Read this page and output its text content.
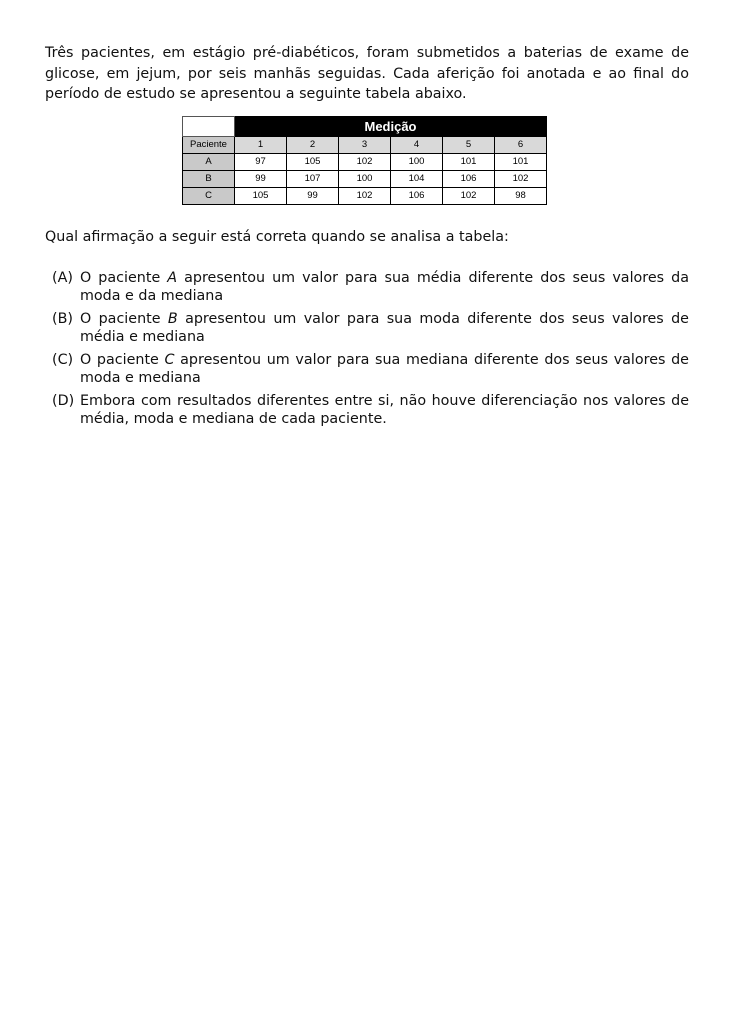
Três pacientes, em estágio pré-diabéticos, foram submetidos a baterias de exame de glicose, em jejum, por seis manhãs seguidas. Cada aferição foi anotada e ao final do período de estudo se apresentou a seguinte tabela abaixo.

	Medição					
Paciente	1	2	3	4	5	6
A	97	105	102	100	101	101
B	99	107	100	104	106	102
C	105	99	102	106	102	98

Qual afirmação a seguir está correta quando se analisa a tabela:

(A) O paciente A apresentou um valor para sua média diferente dos seus valores da moda e da mediana
(B) O paciente B apresentou um valor para sua moda diferente dos seus valores de média e mediana
(C) O paciente C apresentou um valor para sua mediana diferente dos seus valores de moda e mediana
(D) Embora com resultados diferentes entre si, não houve diferenciação nos valores de média, moda e mediana de cada paciente.
